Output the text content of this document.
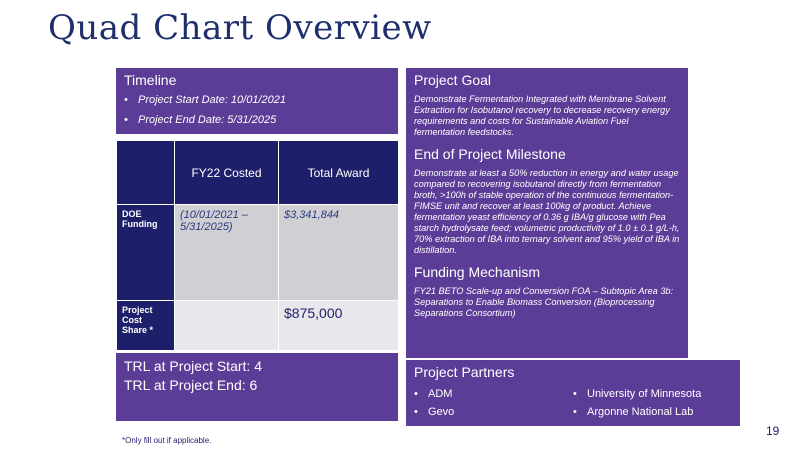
Quad Chart Overview
Timeline
• Project Start Date: 10/01/2021
• Project End Date: 5/31/2025
	FY22 Costed	Total Award
DOE Funding	(10/01/2021 – 5/31/2025)	$3,341,844
Project Cost Share *		$875,000
TRL at Project Start: 4
TRL at Project End: 6
*Only fill out if applicable.
Project Goal

Demonstrate Fermentation Integrated with Membrane Solvent Extraction for Isobutanol recovery to decrease recovery energy requirements and costs for Sustainable Aviation Fuel fermentation feedstocks.

End of Project Milestone

Demonstrate at least a 50% reduction in energy and water usage compared to recovering isobutanol directly from fermentation broth, >100h of stable operation of the continuous fermentation-FIMSE unit and recover at least 100kg of product. Achieve fermentation yeast efficiency of 0.36 g IBA/g glucose with Pea starch hydrolysate feed; volumetric productivity of 1.0 ± 0.1 g/L-h, 70% extraction of IBA into ternary solvent and 95% yield of IBA in distillation.

Funding Mechanism

FY21 BETO Scale-up and Conversion FOA – Subtopic Area 3b: Separations to Enable Biomass Conversion (Bioprocessing Separations Consortium)

Project Partners
• ADM
• Gevo
• University of Minnesota
• Argonne National Lab
19
